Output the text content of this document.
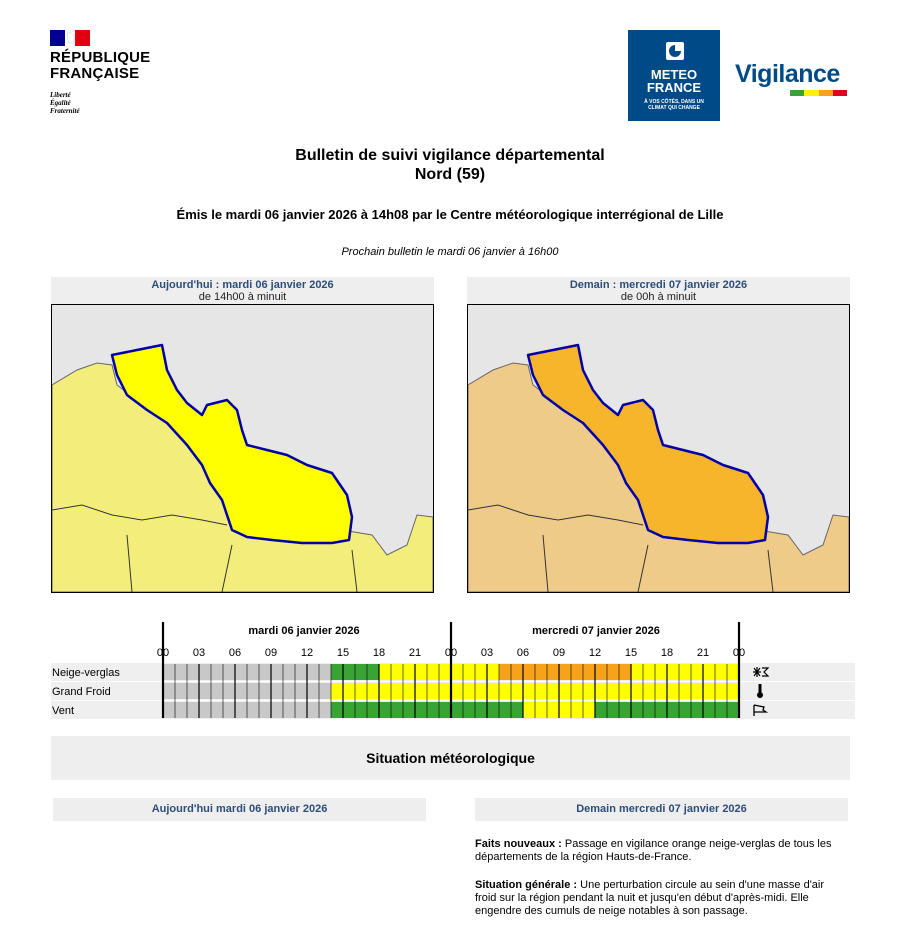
RÉPUBLIQUE
FRANÇAISE
Liberté
Égalité
Fraternité
METEO
FRANCE
À VOS CÔTÉS, DANS UN CLIMAT QUI CHANGE
Vigilance
Bulletin de suivi vigilance départemental
Nord (59)
Émis le mardi 06 janvier 2026 à 14h08 par le Centre météorologique interrégional de Lille
Prochain bulletin le mardi 06 janvier à 16h00
Aujourd'hui : mardi 06 janvier 2026
de 14h00 à minuit
Demain : mercredi 07 janvier 2026
de 00h à minuit
00 03 06 09 12 15 18 21 00 03 06 09 12 15 18 21 00
Neige-verglas
Grand Froid
Vent
mardi 06 janvier 2026	mercredi 07 janvier 2026
Situation météorologique
Aujourd'hui mardi 06 janvier 2026	Demain mercredi 07 janvier 2026
Faits nouveaux : Passage en vigilance orange neige-verglas de tous les départements de la région Hauts-de-France.
Situation générale : Une perturbation circule au sein d'une masse d'air froid sur la région pendant la nuit et jusqu'en début d'après-midi. Elle engendre des cumuls de neige notables à son passage.
